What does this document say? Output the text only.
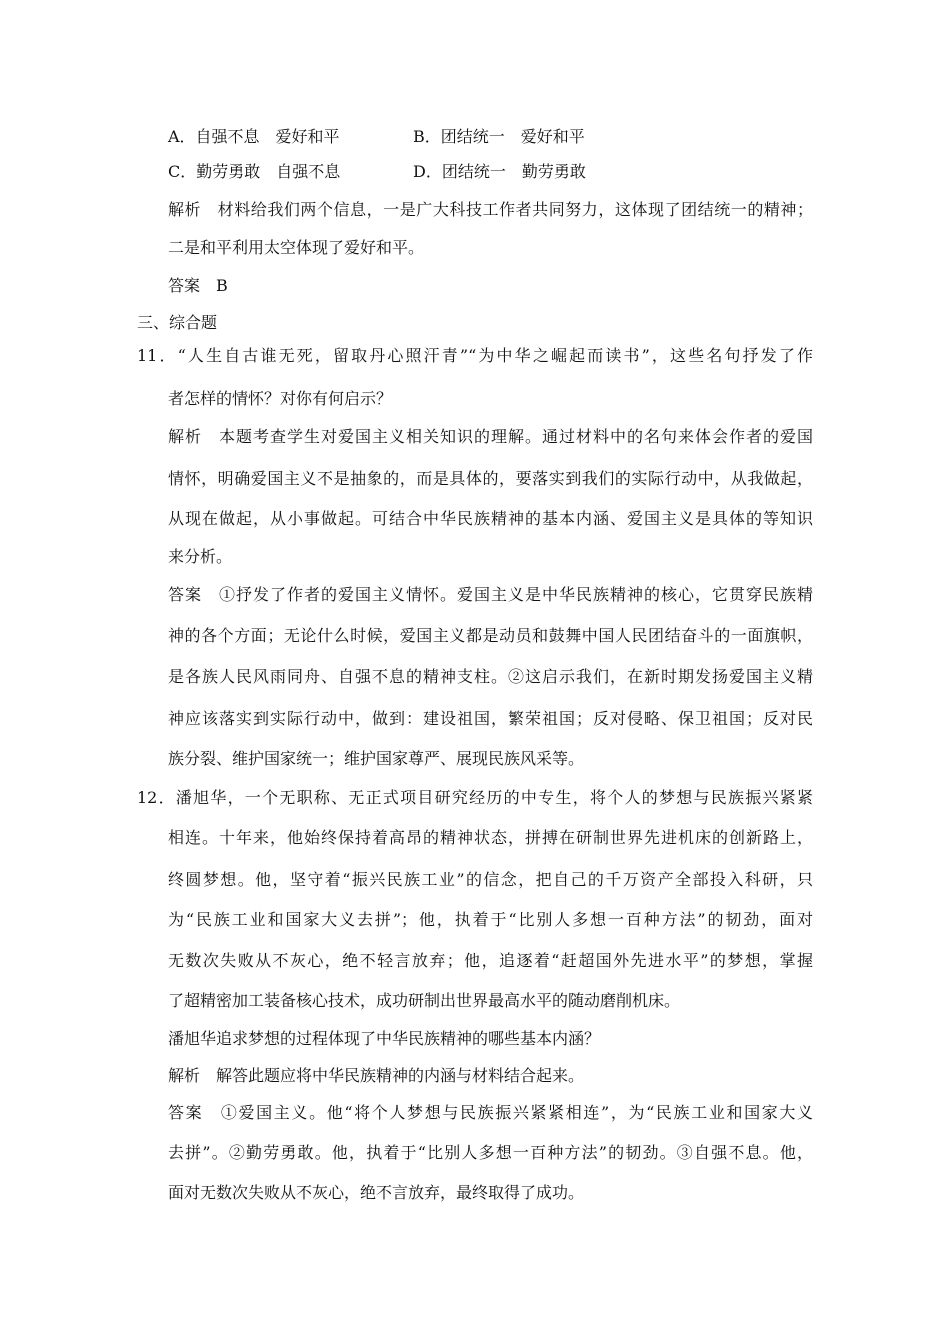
A．自强不息　爱好和平	B．团结统一　爱好和平
C．勤劳勇敢　自强不息	D．团结统一　勤劳勇敢
解析　材料给我们两个信息，一是广大科技工作者共同努力，这体现了团结统一的精神；
二是和平利用太空体现了爱好和平。
答案　B
三、综合题
11．“人生自古谁无死，留取丹心照汗青”“为中华之崛起而读书”，这些名句抒发了作
者怎样的情怀？对你有何启示？
解析　本题考查学生对爱国主义相关知识的理解。通过材料中的名句来体会作者的爱国
情怀，明确爱国主义不是抽象的，而是具体的，要落实到我们的实际行动中，从我做起，
从现在做起，从小事做起。可结合中华民族精神的基本内涵、爱国主义是具体的等知识
来分析。
答案　①抒发了作者的爱国主义情怀。爱国主义是中华民族精神的核心，它贯穿民族精
神的各个方面；无论什么时候，爱国主义都是动员和鼓舞中国人民团结奋斗的一面旗帜，
是各族人民风雨同舟、自强不息的精神支柱。②这启示我们，在新时期发扬爱国主义精
神应该落实到实际行动中，做到：建设祖国，繁荣祖国；反对侵略、保卫祖国；反对民
族分裂、维护国家统一；维护国家尊严、展现民族风采等。
12．潘旭华，一个无职称、无正式项目研究经历的中专生，将个人的梦想与民族振兴紧紧
相连。十年来，他始终保持着高昂的精神状态，拼搏在研制世界先进机床的创新路上，
终圆梦想。他，坚守着“振兴民族工业”的信念，把自己的千万资产全部投入科研，只
为“民族工业和国家大义去拼”；他，执着于“比别人多想一百种方法”的韧劲，面对
无数次失败从不灰心，绝不轻言放弃；他，追逐着“赶超国外先进水平”的梦想，掌握
了超精密加工装备核心技术，成功研制出世界最高水平的随动磨削机床。
潘旭华追求梦想的过程体现了中华民族精神的哪些基本内涵？
解析　解答此题应将中华民族精神的内涵与材料结合起来。
答案　①爱国主义。他“将个人梦想与民族振兴紧紧相连”，为“民族工业和国家大义
去拼”。②勤劳勇敢。他，执着于“比别人多想一百种方法”的韧劲。③自强不息。他，
面对无数次失败从不灰心，绝不言放弃，最终取得了成功。
